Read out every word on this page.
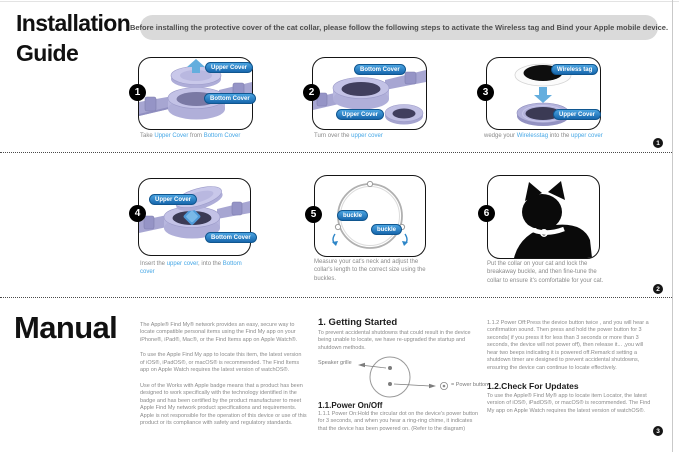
Installation
Guide
Before installing the protective cover of the cat collar, please follow the following steps to activate the Wireless tag and Bind your Apple mobile device.
1	2	3
4	5	6
Upper Cover
Bottom Cover
Bottom Cover
Upper Cover
Wireless tag
Upper Cover
Upper Cover
Bottom Cover
buckle
buckle
Take Upper Cover from Bottom Cover	Turn over the upper cover	wedge your Wirelesstag into the upper cover
Insert the upper cover, into the Bottom cover
Measure your cat's neck and adjust the collar's length to the correct size using the buckles.
Put the collar on your cat and lock the breakaway buckle, and then fine-tune the collar to ensure it's comfortable for your cat.
1
2
3
Manual	The Apple® Find My® network provides an easy, secure way to locate compatible personal items using the Find My app on your iPhone®, iPad®, Mac®, or the Find Items app on Apple Watch®.

To use the Apple Find My app to locate this item, the latest version of iOS®, iPadOS®, or macOS® is recommended. The Find Items app on Apple Watch requires the latest version of watchOS®.

Use of the Works with Apple badge means that a product has been designed to work specifically with the technology identified in the badge and has been certified by the product manufacturer to meet Apple Find My network product specifications and requirements. Apple is not responsible for the operation of this device or use of this product or its compliance with safety and regulatory standards.

1. Getting Started
To prevent accidental shutdowns that could result in the device being unable to locate, we have re-upgraded the startup and shutdown methods.
Speaker grille
= Power button
1.1.Power On/Off
1.1.1 Power On:Hold the circular dot on the device's power button for 3 seconds, and when you hear a ring-ring chime, it indicates that the device has been powered on. (Refer to the diagram)
1.1.2 Power Off:Press the device button twice , and you will hear a confirmation sound. Then press and hold the power button for 3 seconds( if you press it for less than 3 seconds or more than 3 seconds, the device will not power off), then release it... ,you will hear two beeps indicating it is powered off.Remark:d setting a shutdown timer are designed to prevent accidental shutdowns, ensuring the device can continue to locate effectively.
1.2.Check For Updates
To use the Apple® Find My® app to locate item Locator, the latest version of iOS®, iPadOS®, or macOS® is recommended. The Find My app on Apple Watch requires the latest version of watchOS®.
